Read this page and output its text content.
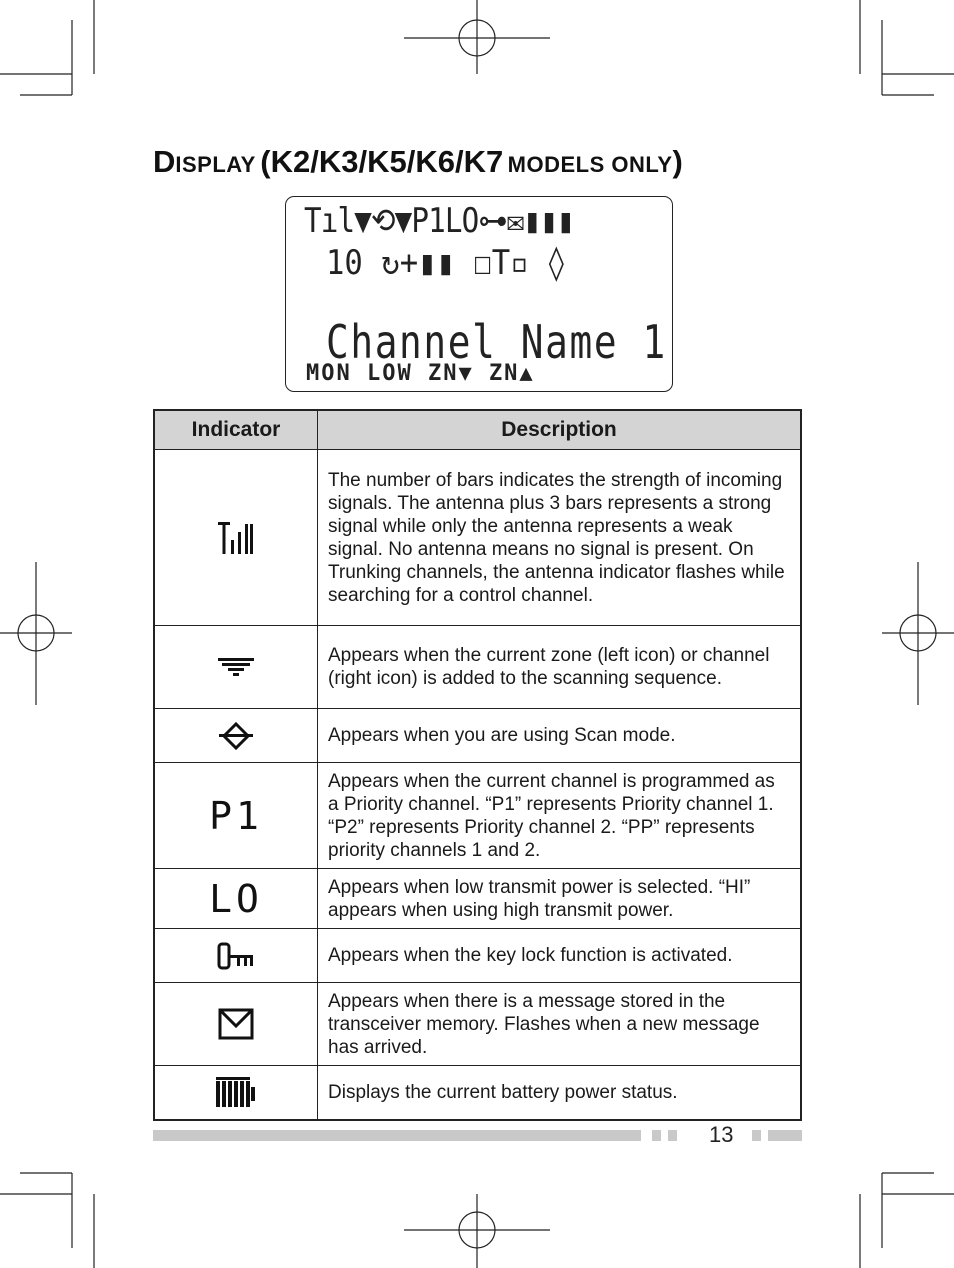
DISPLAY (K2/K3/K5/K6/K7 MODELS ONLY)
Tıl▼⟲▼P1LO⊶✉▮▮▮
10 ↻+▮▮ ☐T▫ ◊
Channel Name 1
MON LOW ZN▼ ZN▲
Indicator	Description
	The number of bars indicates the strength of incoming signals. The antenna plus 3 bars represents a strong signal while only the antenna represents a weak signal. No antenna means no signal is present. On Trunking channels, the antenna indicator flashes while searching for a control channel.
	Appears when the current zone (left icon) or channel (right icon) is added to the scanning sequence.
	Appears when you are using Scan mode.
P1	Appears when the current channel is programmed as a Priority channel. “P1” represents Priority channel 1. “P2” represents Priority channel 2. “PP” represents priority channels 1 and 2.
LO	Appears when low transmit power is selected. “HI” appears when using high transmit power.
	Appears when the key lock function is activated.
	Appears when there is a message stored in the transceiver memory. Flashes when a new message has arrived.
	Displays the current battery power status.
13
